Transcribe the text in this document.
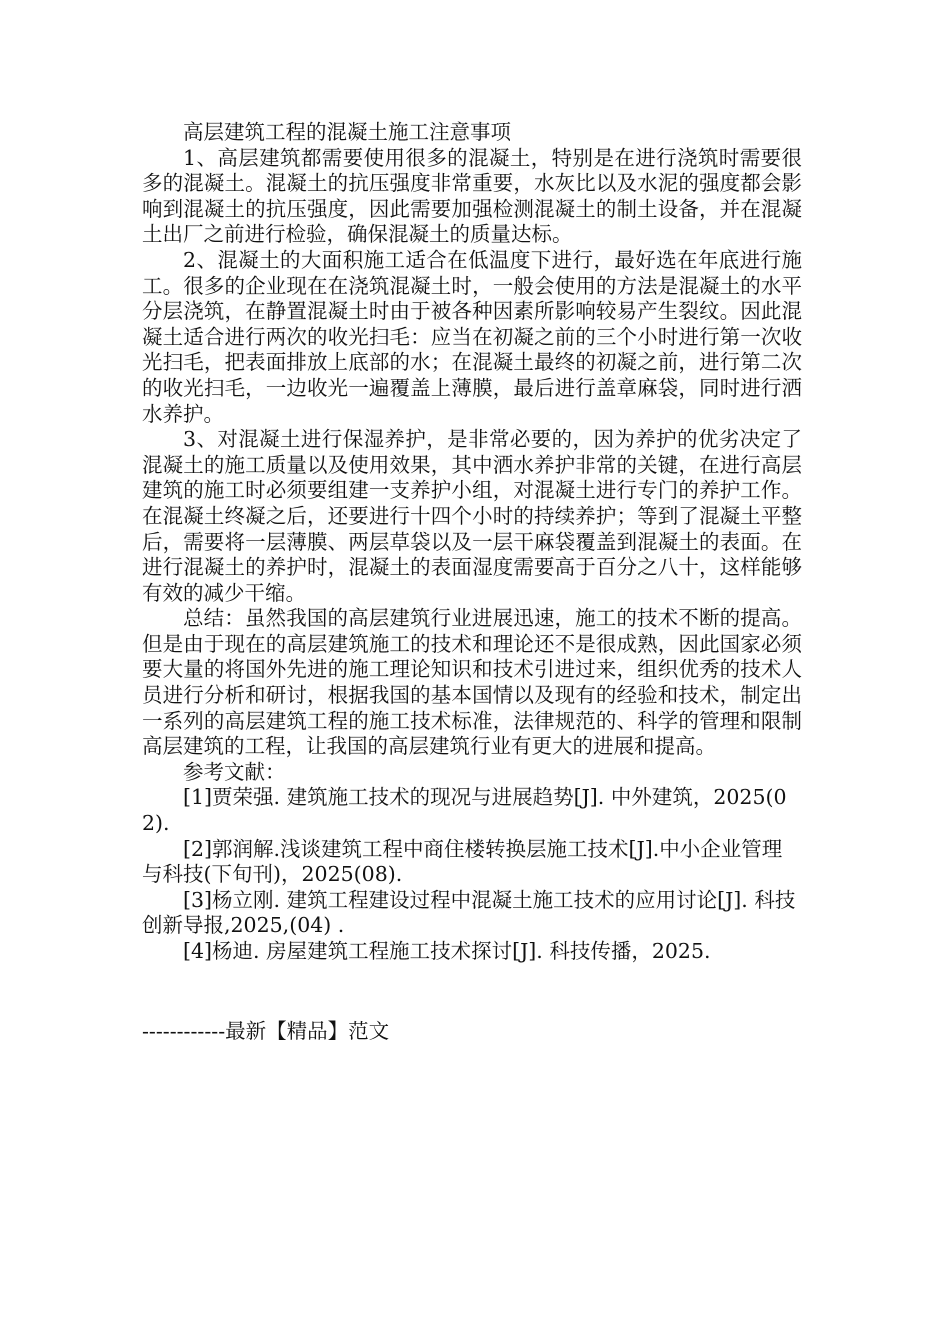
高层建筑工程的混凝土施工注意事项

1、高层建筑都需要使用很多的混凝土，特别是在进行浇筑时需要很多的混凝土。混凝土的抗压强度非常重要，水灰比以及水泥的强度都会影响到混凝土的抗压强度，因此需要加强检测混凝土的制土设备，并在混凝土出厂之前进行检验，确保混凝土的质量达标。

2、混凝土的大面积施工适合在低温度下进行，最好选在年底进行施工。很多的企业现在在浇筑混凝土时，一般会使用的方法是混凝土的水平分层浇筑，在静置混凝土时由于被各种因素所影响较易产生裂纹。因此混凝土适合进行两次的收光扫毛：应当在初凝之前的三个小时进行第一次收光扫毛，把表面排放上底部的水；在混凝土最终的初凝之前，进行第二次的收光扫毛，一边收光一遍覆盖上薄膜，最后进行盖章麻袋，同时进行洒水养护。

3、对混凝土进行保湿养护，是非常必要的，因为养护的优劣决定了混凝土的施工质量以及使用效果，其中洒水养护非常的关键，在进行高层建筑的施工时必须要组建一支养护小组，对混凝土进行专门的养护工作。在混凝土终凝之后，还要进行十四个小时的持续养护；等到了混凝土平整后，需要将一层薄膜、两层草袋以及一层干麻袋覆盖到混凝土的表面。在进行混凝土的养护时，混凝土的表面湿度需要高于百分之八十，这样能够有效的减少干缩。

总结：虽然我国的高层建筑行业进展迅速，施工的技术不断的提高。但是由于现在的高层建筑施工的技术和理论还不是很成熟，因此国家必须要大量的将国外先进的施工理论知识和技术引进过来，组织优秀的技术人员进行分析和研讨，根据我国的基本国情以及现有的经验和技术，制定出一系列的高层建筑工程的施工技术标准，法律规范的、科学的管理和限制高层建筑的工程，让我国的高层建筑行业有更大的进展和提高。

参考文献：

[1]贾荣强. 建筑施工技术的现况与进展趋势[J]. 中外建筑，2025(02).

[2]郭润解.浅谈建筑工程中商住楼转换层施工技术[J].中小企业管理与科技(下旬刊)，2025(08).

[3]杨立刚. 建筑工程建设过程中混凝土施工技术的应用讨论[J]. 科技创新导报,2025,(04) .

[4]杨迪. 房屋建筑工程施工技术探讨[J]. 科技传播，2025.

------------最新【精品】范文
